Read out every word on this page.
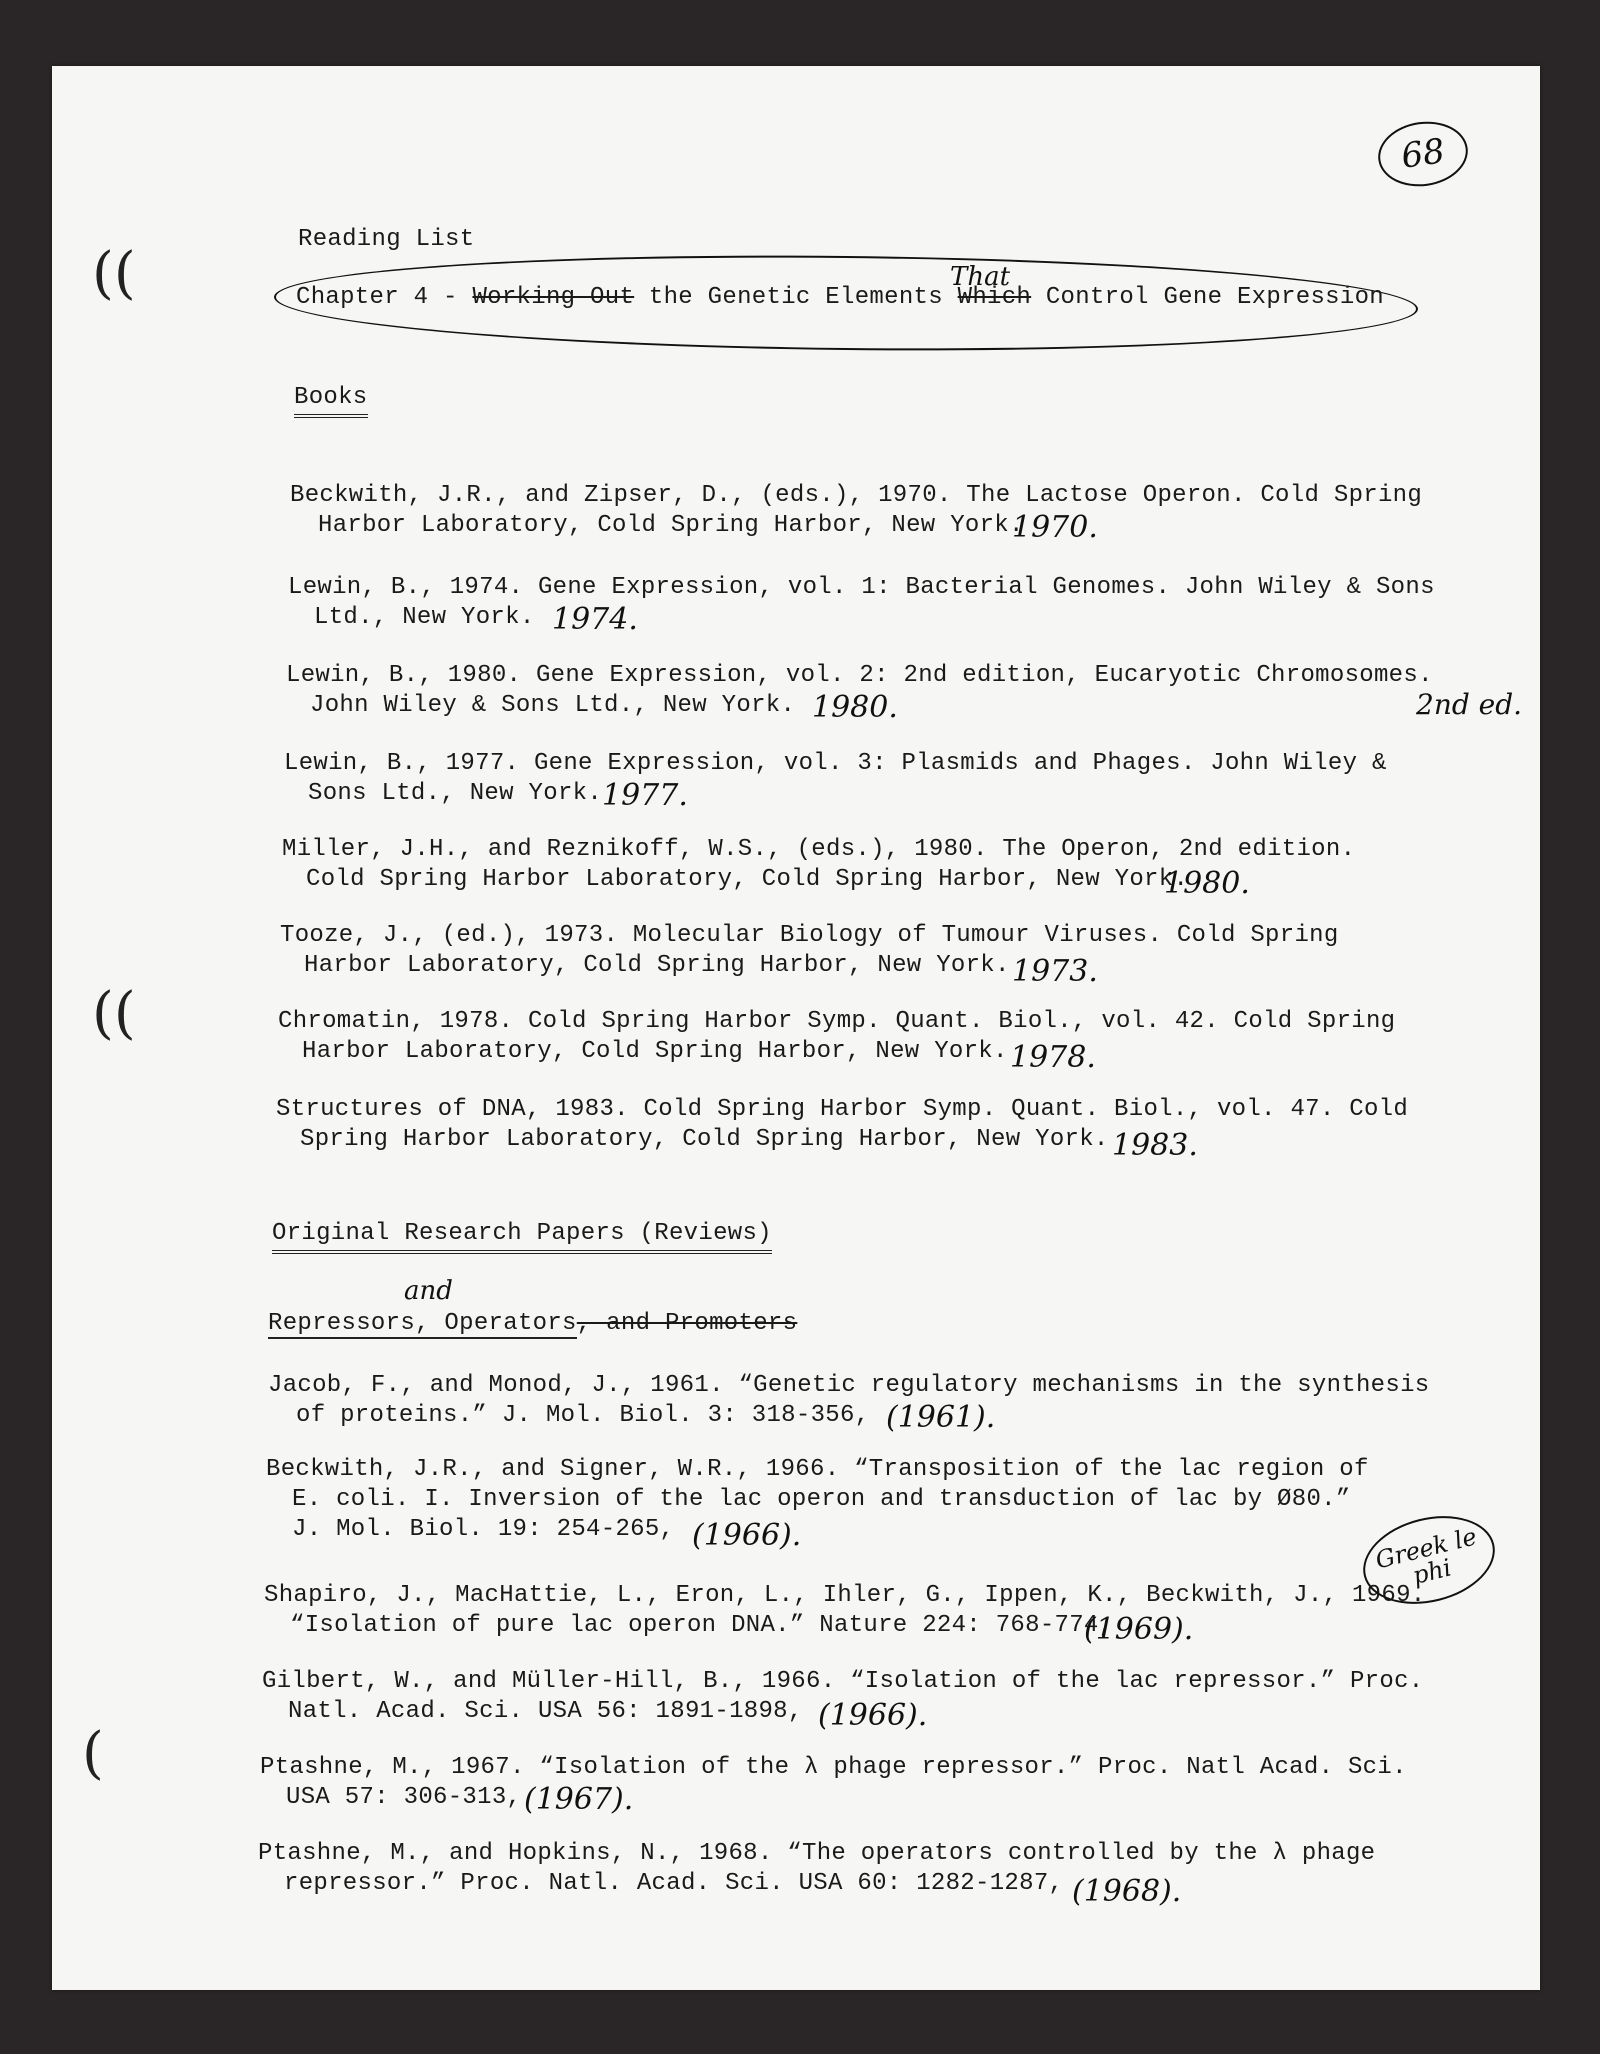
68
((
((
(
Reading List
Chapter 4 - Working Out the Genetic Elements Which Control Gene Expression
That
Books
Beckwith, J.R., and Zipser, D., (eds.), 1970. The Lactose Operon. Cold Spring
Harbor Laboratory, Cold Spring Harbor, New York.
1970.
Lewin, B., 1974. Gene Expression, vol. 1: Bacterial Genomes. John Wiley & Sons
Ltd., New York. 1974.
Lewin, B., 1980. Gene Expression, vol. 2: 2nd edition, Eucaryotic Chromosomes.
John Wiley & Sons Ltd., New York. 1980.	2nd ed.
Lewin, B., 1977. Gene Expression, vol. 3: Plasmids and Phages. John Wiley &
Sons Ltd., New York. 1977.
Miller, J.H., and Reznikoff, W.S., (eds.), 1980. The Operon, 2nd edition.
Cold Spring Harbor Laboratory, Cold Spring Harbor, New York.
1980.
Tooze, J., (ed.), 1973. Molecular Biology of Tumour Viruses. Cold Spring
Harbor Laboratory, Cold Spring Harbor, New York. 1973.
Chromatin, 1978. Cold Spring Harbor Symp. Quant. Biol., vol. 42. Cold Spring
Harbor Laboratory, Cold Spring Harbor, New York. 1978.
Structures of DNA, 1983. Cold Spring Harbor Symp. Quant. Biol., vol. 47. Cold
Spring Harbor Laboratory, Cold Spring Harbor, New York. 1983.
Original Research Papers (Reviews)
Repressors, Operators, and Promoters
and
Jacob, F., and Monod, J., 1961. “Genetic regulatory mechanisms in the synthesis
of proteins.” J. Mol. Biol. 3: 318-356, (1961).
Beckwith, J.R., and Signer, W.R., 1966. “Transposition of the lac region of
E. coli. I. Inversion of the lac operon and transduction of lac by Ø80.”
J. Mol. Biol. 19: 254-265, (1966).
Shapiro, J., MacHattie, L., Eron, L., Ihler, G., Ippen, K., Beckwith, J., 1969.
“Isolation of pure lac operon DNA.” Nature 224: 768-774,
(1969).
Gilbert, W., and Müller-Hill, B., 1966. “Isolation of the lac repressor.” Proc.
Natl. Acad. Sci. USA 56: 1891-1898, (1966).
Ptashne, M., 1967. “Isolation of the λ phage repressor.” Proc. Natl Acad. Sci.
USA 57: 306-313, (1967).
Ptashne, M., and Hopkins, N., 1968. “The operators controlled by the λ phage
repressor.” Proc. Natl. Acad. Sci. USA 60: 1282-1287, (1968).
Greek le phi
